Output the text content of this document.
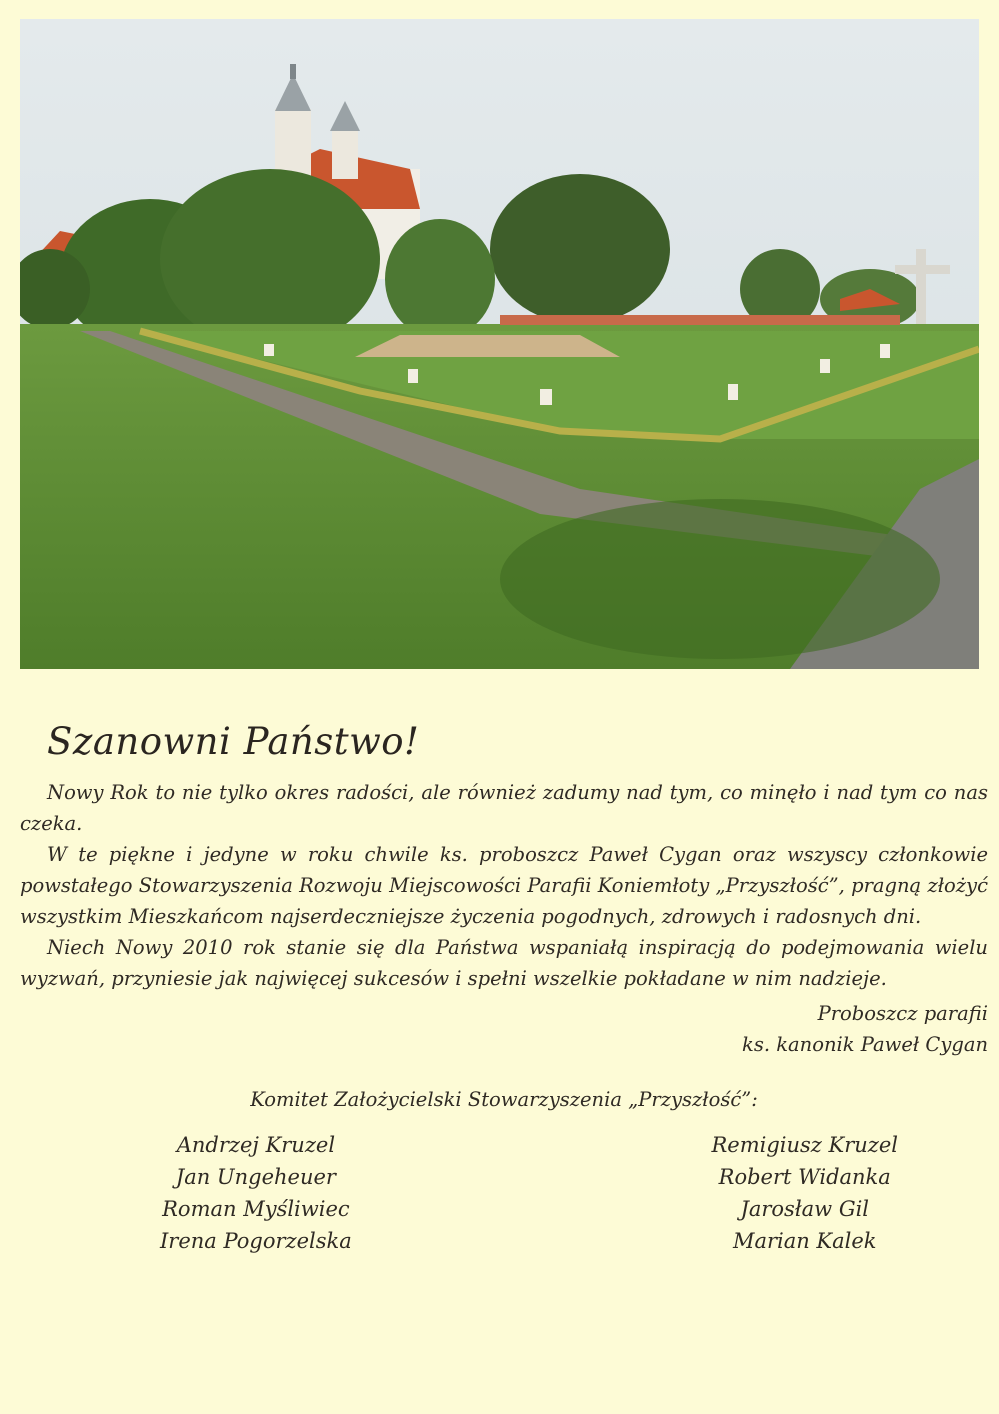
Szanowni Państwo!

Nowy Rok to nie tylko okres radości, ale również zadumy nad tym, co minęło i nad tym co nas czeka.

W te piękne i jedyne w roku chwile ks. proboszcz Paweł Cygan oraz wszyscy członkowie powstałego Stowarzyszenia Rozwoju Miejscowości Parafii Koniemłoty „Przyszłość”, pragną złożyć wszystkim Mieszkańcom najserdeczniejsze życzenia pogodnych, zdrowych i radosnych dni.

Niech Nowy 2010 rok stanie się dla Państwa wspaniałą inspiracją do podejmowania wielu wyzwań, przyniesie jak najwięcej sukcesów i spełni wszelkie pokładane w nim nadzieje.

Proboszcz parafii
ks. kanonik Paweł Cygan
Komitet Założycielski Stowarzyszenia „Przyszłość”:
Andrzej Kruzel
Jan Ungeheuer
Roman Myśliwiec
Irena Pogorzelska
Remigiusz Kruzel
Robert Widanka
Jarosław Gil
Marian Kalek
